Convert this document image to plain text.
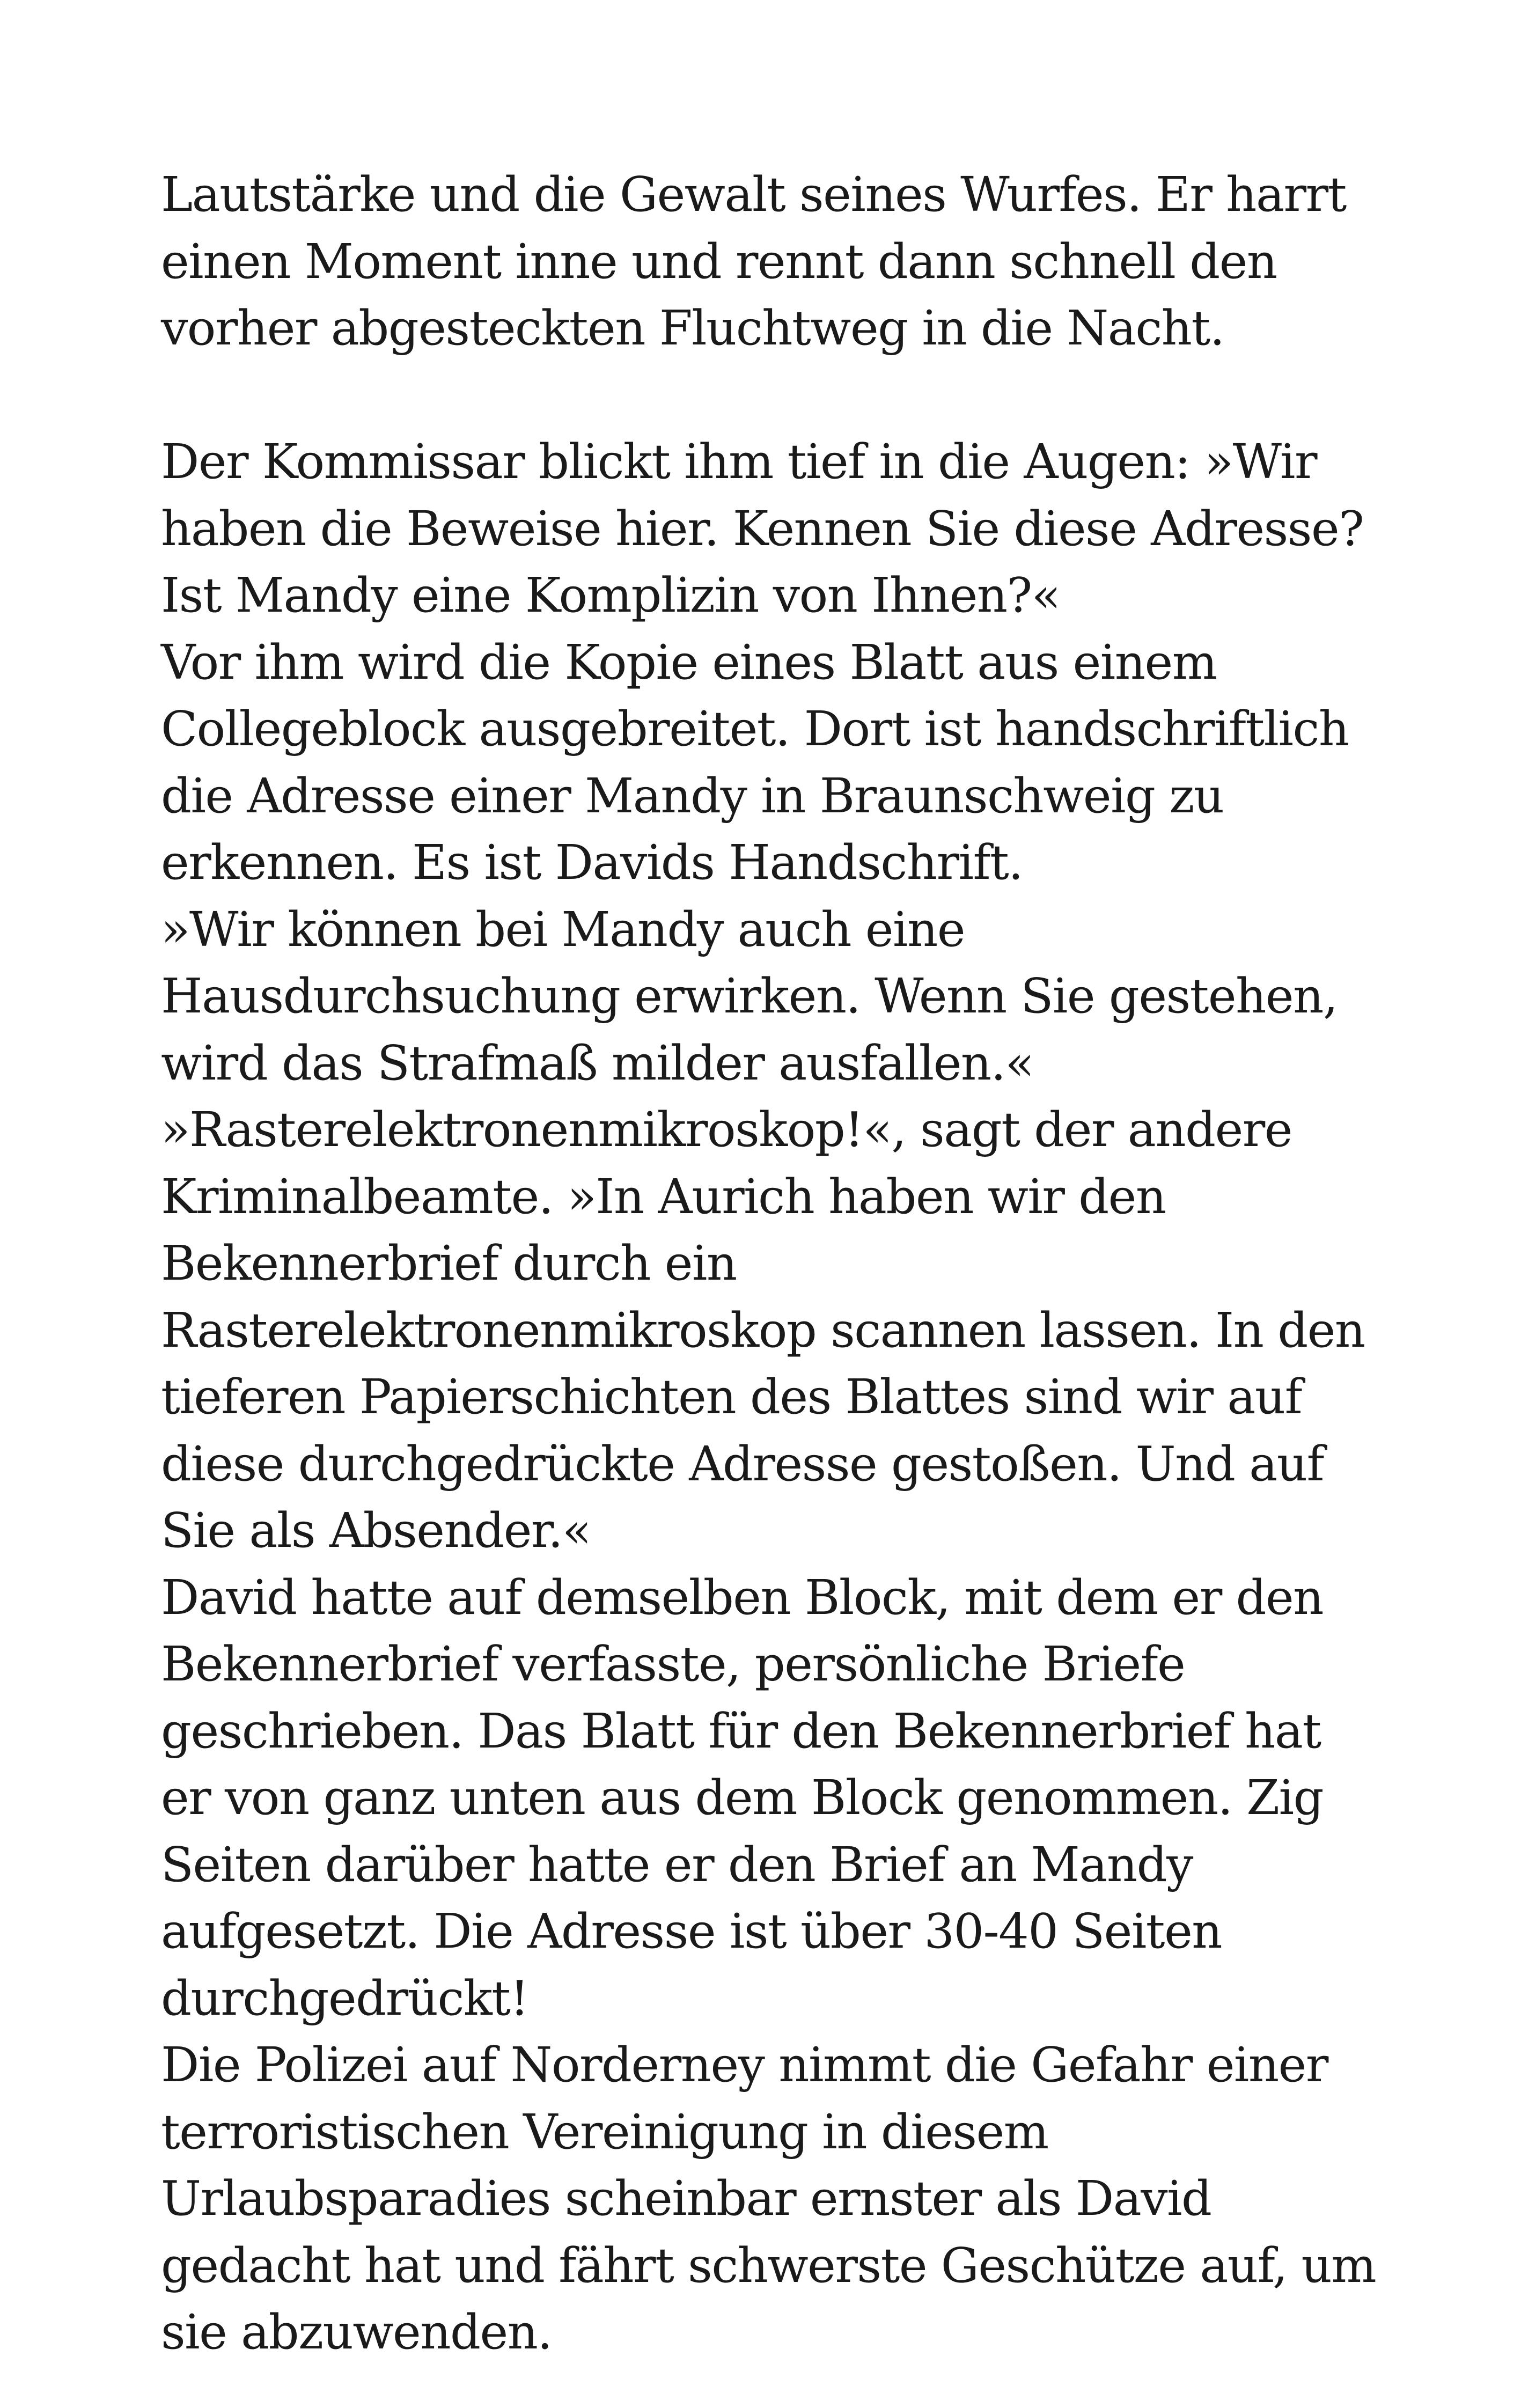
Lautstärke und die Gewalt seines Wurfes. Er harrt einen Moment inne und rennt dann schnell den vorher abgesteckten Fluchtweg in die Nacht.

Der Kommissar blickt ihm tief in die Augen: »Wir haben die Beweise hier. Kennen Sie diese Adresse? Ist Mandy eine Komplizin von Ihnen?«

Vor ihm wird die Kopie eines Blatt aus einem Collegeblock ausgebreitet. Dort ist handschriftlich die Adresse einer Mandy in Braunschweig zu erkennen. Es ist Davids Handschrift.

»Wir können bei Mandy auch eine Hausdurchsuchung erwirken. Wenn Sie gestehen, wird das Strafmaß milder ausfallen.«

»Rasterelektronenmikroskop!«, sagt der andere Kriminalbeamte. »In Aurich haben wir den Bekennerbrief durch ein Rasterelektronenmikroskop scannen lassen. In den tieferen Papierschichten des Blattes sind wir auf diese durchgedrückte Adresse gestoßen. Und auf Sie als Absender.«

David hatte auf demselben Block, mit dem er den Bekennerbrief verfasste, persönliche Briefe geschrieben. Das Blatt für den Bekennerbrief hat er von ganz unten aus dem Block genommen. Zig Seiten darüber hatte er den Brief an Mandy aufgesetzt. Die Adresse ist über 30-40 Seiten durchgedrückt!

Die Polizei auf Norderney nimmt die Gefahr einer terroristischen Vereinigung in diesem Urlaubsparadies scheinbar ernster als David gedacht hat und fährt schwerste Geschütze auf, um sie abzuwenden.
